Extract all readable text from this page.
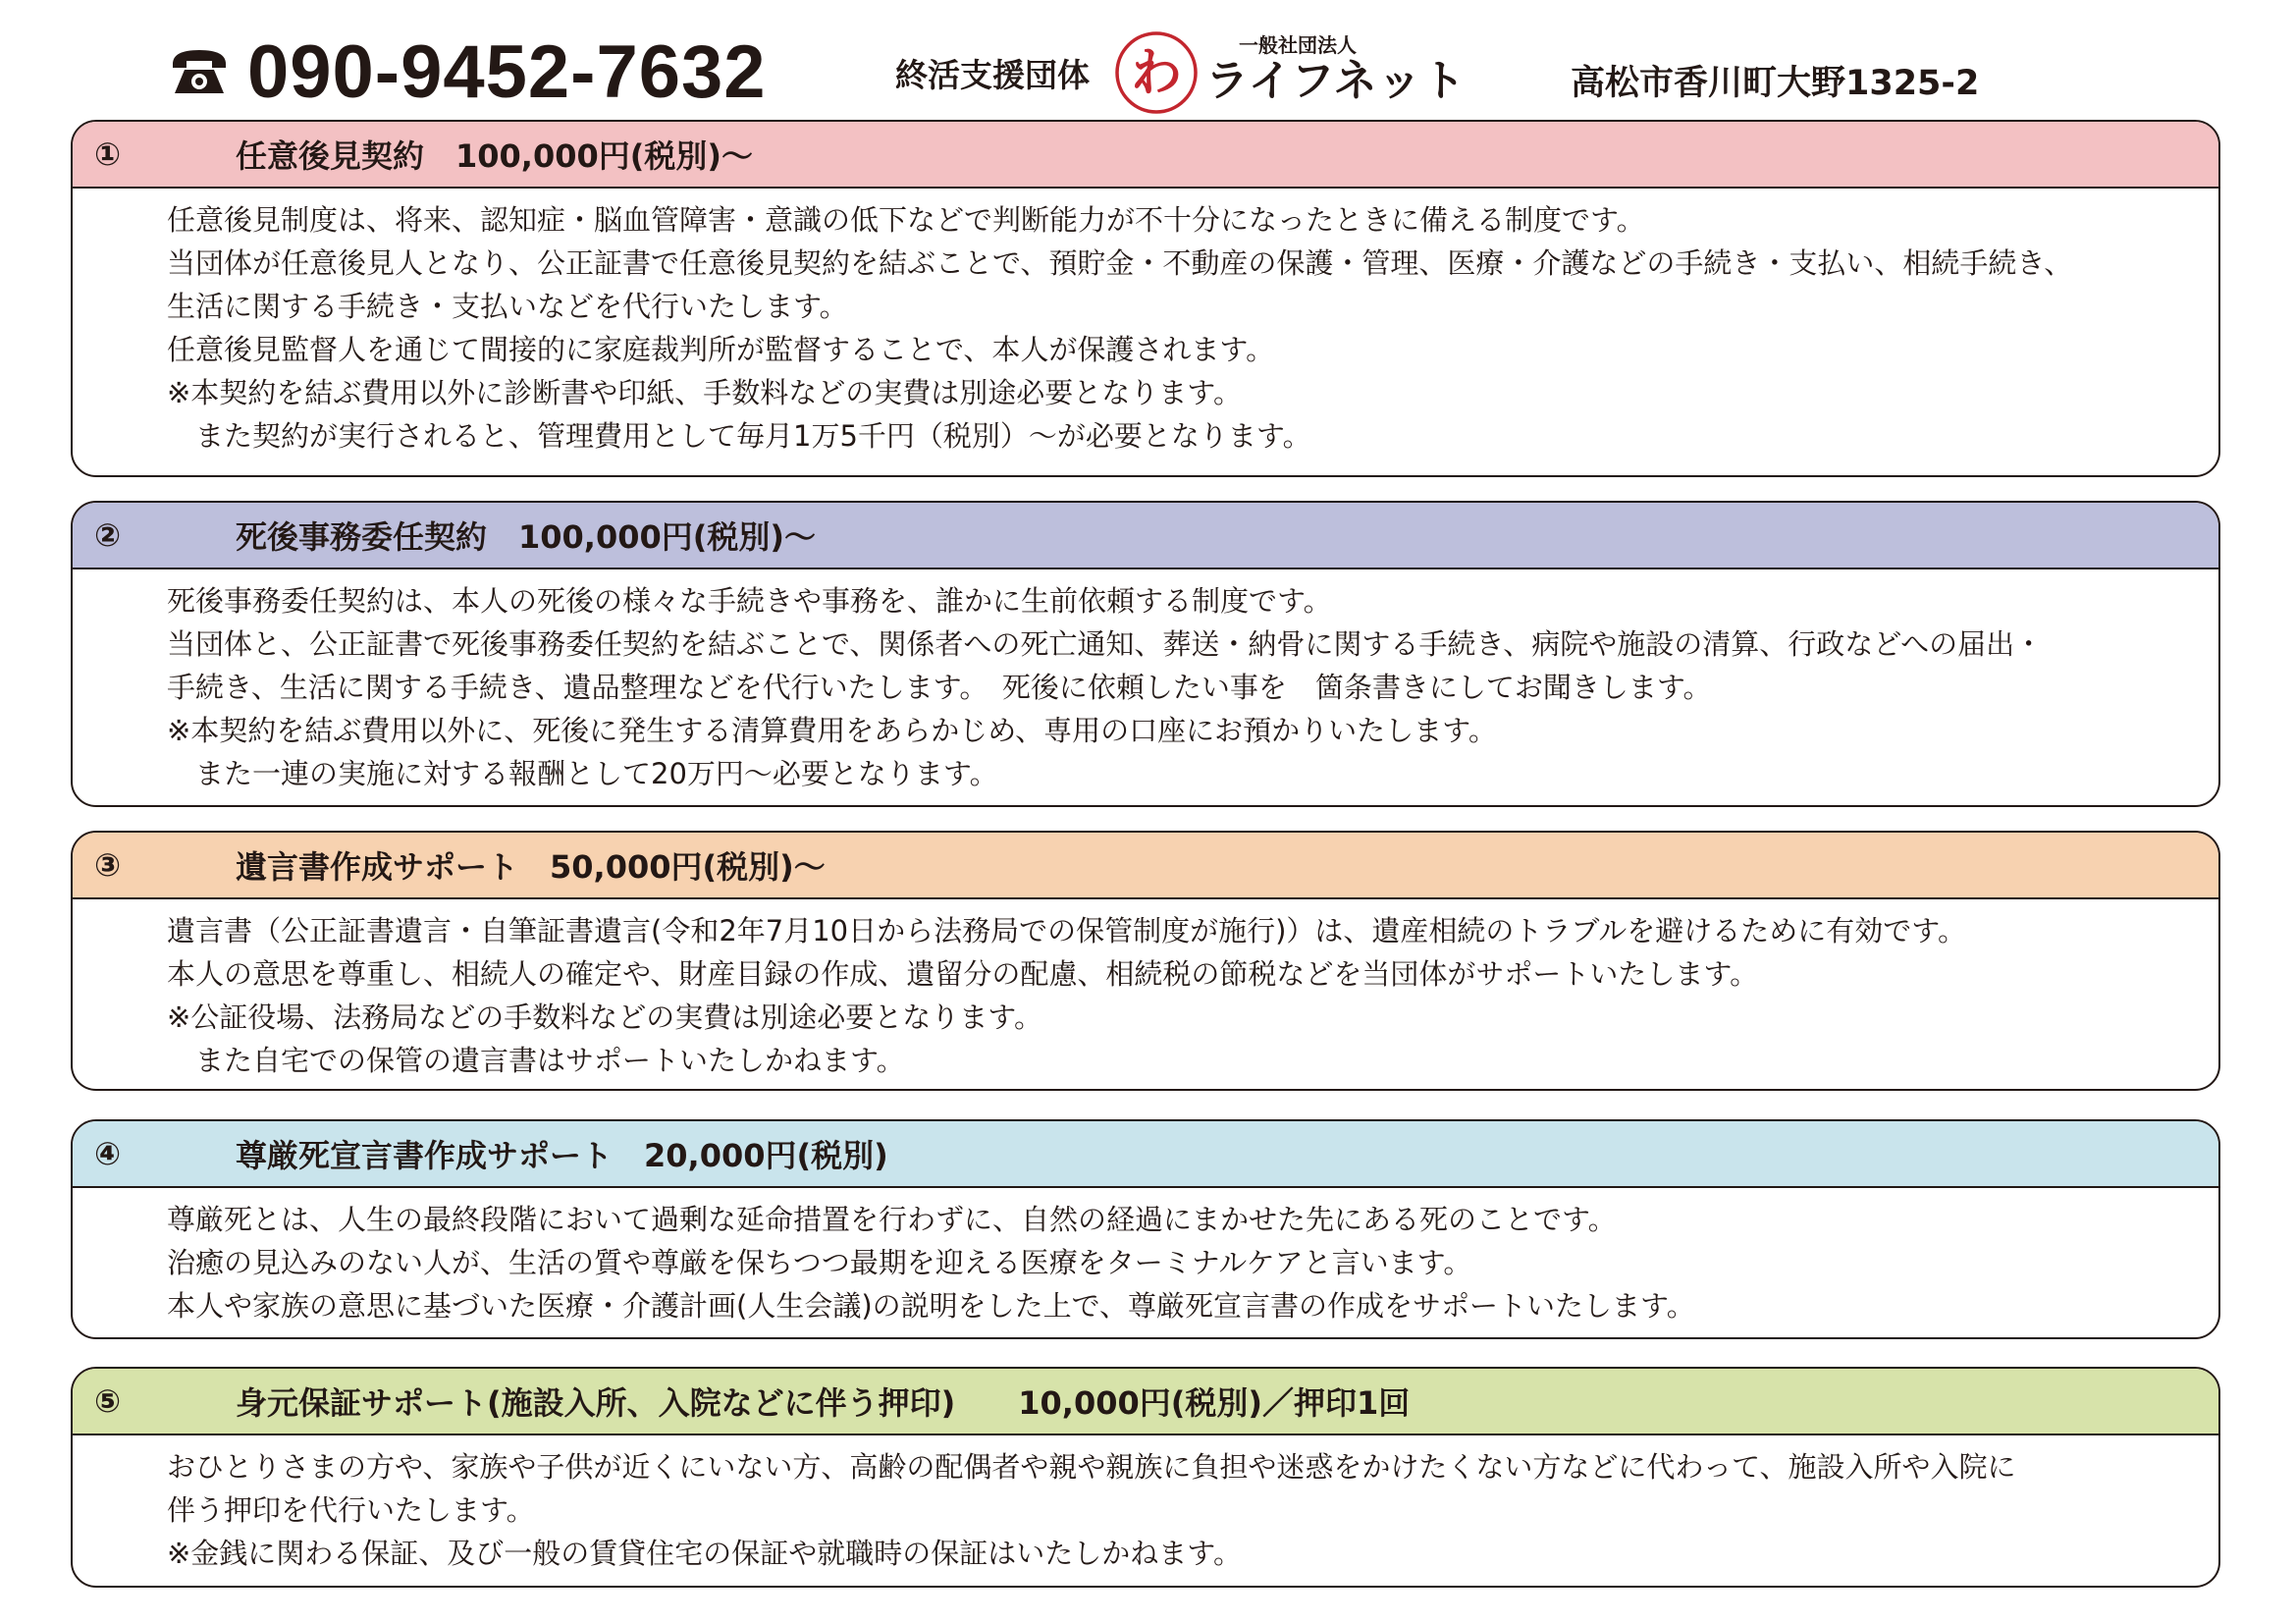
090-9452-7632	終活支援団体 わ	一般社団法人
ライフネット	高松市香川町大野1325-2
①	任意後見契約　100,000円(税別)〜
任意後見制度は、将来、認知症・脳血管障害・意識の低下などで判断能力が不十分になったときに備える制度です。
当団体が任意後見人となり、公正証書で任意後見契約を結ぶことで、預貯金・不動産の保護・管理、医療・介護などの手続き・支払い、相続手続き、
生活に関する手続き・支払いなどを代行いたします。
任意後見監督人を通じて間接的に家庭裁判所が監督することで、本人が保護されます。
※本契約を結ぶ費用以外に診断書や印紙、手数料などの実費は別途必要となります。
　また契約が実行されると、管理費用として毎月1万5千円（税別）〜が必要となります。
②	死後事務委任契約　100,000円(税別)〜
死後事務委任契約は、本人の死後の様々な手続きや事務を、誰かに生前依頼する制度です。
当団体と、公正証書で死後事務委任契約を結ぶことで、関係者への死亡通知、葬送・納骨に関する手続き、病院や施設の清算、行政などへの届出・
手続き、生活に関する手続き、遺品整理などを代行いたします。　死後に依頼したい事を　箇条書きにしてお聞きします。
※本契約を結ぶ費用以外に、死後に発生する清算費用をあらかじめ、専用の口座にお預かりいたします。
　また一連の実施に対する報酬として20万円〜必要となります。
③	遺言書作成サポート　50,000円(税別)〜
遺言書（公正証書遺言・自筆証書遺言(令和2年7月10日から法務局での保管制度が施行)）は、遺産相続のトラブルを避けるために有効です。
本人の意思を尊重し、相続人の確定や、財産目録の作成、遺留分の配慮、相続税の節税などを当団体がサポートいたします。
※公証役場、法務局などの手数料などの実費は別途必要となります。
　また自宅での保管の遺言書はサポートいたしかねます。
④	尊厳死宣言書作成サポート　20,000円(税別)
尊厳死とは、人生の最終段階において過剰な延命措置を行わずに、自然の経過にまかせた先にある死のことです。
治癒の見込みのない人が、生活の質や尊厳を保ちつつ最期を迎える医療をターミナルケアと言います。
本人や家族の意思に基づいた医療・介護計画(人生会議)の説明をした上で、尊厳死宣言書の作成をサポートいたします。
⑤	身元保証サポート(施設入所、入院などに伴う押印)　　10,000円(税別)／押印1回
おひとりさまの方や、家族や子供が近くにいない方、高齢の配偶者や親や親族に負担や迷惑をかけたくない方などに代わって、施設入所や入院に
伴う押印を代行いたします。
※金銭に関わる保証、及び一般の賃貸住宅の保証や就職時の保証はいたしかねます。
